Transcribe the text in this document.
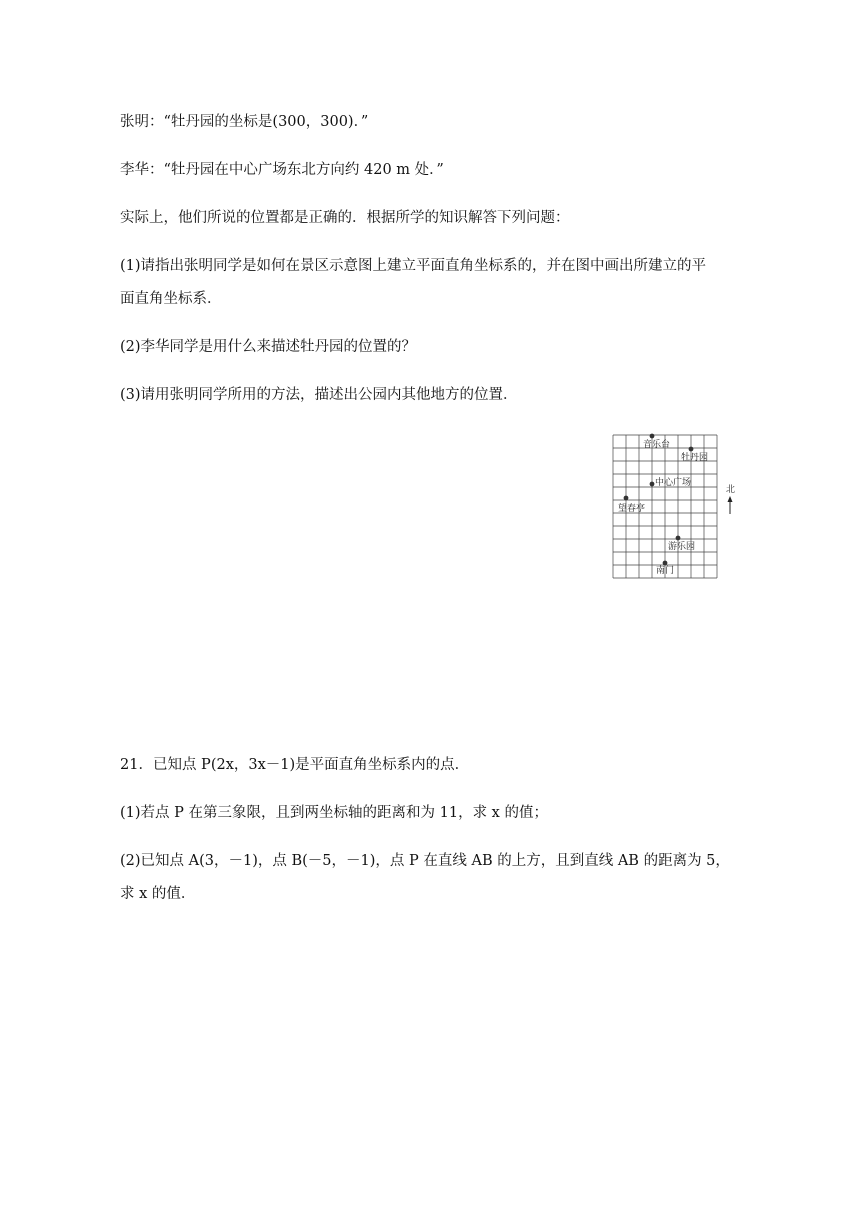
张明：“牡丹园的坐标是(300，300)．”
李华：“牡丹园在中心广场东北方向约 420 m 处．”
实际上，他们所说的位置都是正确的．根据所学的知识解答下列问题：
(1)请指出张明同学是如何在景区示意图上建立平面直角坐标系的，并在图中画出所建立的平
面直角坐标系．
(2)李华同学是用什么来描述牡丹园的位置的？
(3)请用张明同学所用的方法，描述出公园内其他地方的位置．
音乐台
牡丹园
中心广场
望春亭
游乐园
南门
北
21．已知点 P(2x，3x－1)是平面直角坐标系内的点．
(1)若点 P 在第三象限，且到两坐标轴的距离和为 11，求 x 的值；
(2)已知点 A(3，－1)，点 B(－5，－1)，点 P 在直线 AB 的上方，且到直线 AB 的距离为 5，
求 x 的值．
